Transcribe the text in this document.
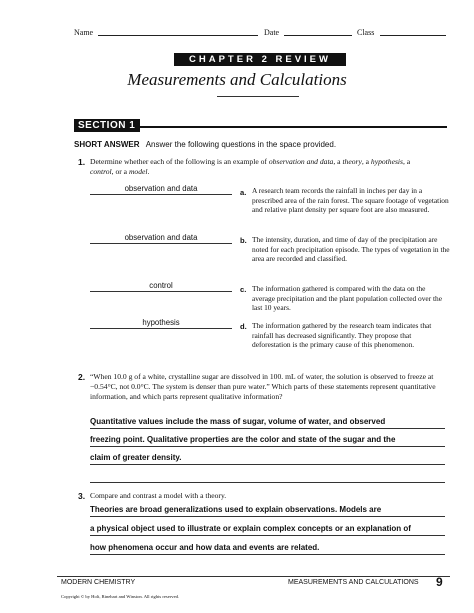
Name	Date	Class
CHAPTER 2 REVIEW
Measurements and Calculations
SECTION 1
SHORT ANSWER Answer the following questions in the space provided.
1. Determine whether each of the following is an example of observation and data, a theory, a hypothesis, a control, or a model.
observation and data	a. A research team records the rainfall in inches per day in a prescribed area of the rain forest. The square footage of vegetation and relative plant density per square foot are also measured.
observation and data	b. The intensity, duration, and time of day of the precipitation are noted for each precipitation episode. The types of vegetation in the area are recorded and classified.
control	c. The information gathered is compared with the data on the average precipitation and the plant population collected over the last 10 years.
hypothesis	d. The information gathered by the research team indicates that rainfall has decreased significantly. They propose that deforestation is the primary cause of this phenomenon.
2. “When 10.0 g of a white, crystalline sugar are dissolved in 100. mL of water, the solution is observed to freeze at −0.54°C, not 0.0°C. The system is denser than pure water.” Which parts of these statements represent quantitative information, and which parts represent qualitative information?
Quantitative values include the mass of sugar, volume of water, and observed
freezing point. Qualitative properties are the color and state of the sugar and the
claim of greater density.
3. Compare and contrast a model with a theory.
Theories are broad generalizations used to explain observations. Models are
a physical object used to illustrate or explain complex concepts or an explanation of
how phenomena occur and how data and events are related.
MODERN CHEMISTRY	MEASUREMENTS AND CALCULATIONS 9
Copyright © by Holt, Rinehart and Winston. All rights reserved.
